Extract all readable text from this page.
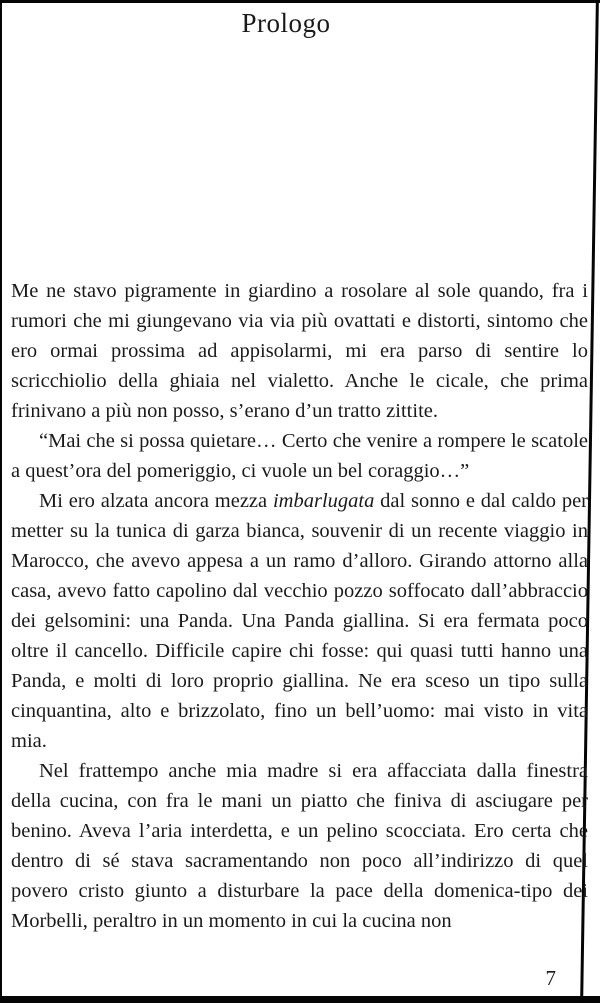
Prologo

Me ne stavo pigramente in giardino a rosolare al sole quando, fra i rumori che mi giungevano via via più ovattati e distorti, sintomo che ero ormai prossima ad appisolarmi, mi era parso di sentire lo scricchiolio della ghiaia nel vialetto. Anche le cicale, che prima frinivano a più non posso, s’erano d’un tratto zittite.

“Mai che si possa quietare… Certo che venire a rompere le scatole a quest’ora del pomeriggio, ci vuole un bel coraggio…”

Mi ero alzata ancora mezza imbarlugata dal sonno e dal caldo per metter su la tunica di garza bianca, souvenir di un recente viaggio in Marocco, che avevo appesa a un ramo d’alloro. Girando attorno alla casa, avevo fatto capolino dal vecchio pozzo soffocato dall’abbraccio dei gelsomini: una Panda. Una Panda giallina. Si era fermata poco oltre il cancello. Difficile capire chi fosse: qui quasi tutti hanno una Panda, e molti di loro proprio giallina. Ne era sceso un tipo sulla cinquantina, alto e brizzolato, fino un bell’uomo: mai visto in vita mia.

Nel frattempo anche mia madre si era affacciata dalla finestra della cucina, con fra le mani un piatto che finiva di asciugare per benino. Aveva l’aria interdetta, e un pelino scocciata. Ero certa che dentro di sé stava sacramentando non poco all’indirizzo di quel povero cristo giunto a disturbare la pace della domenica-tipo dei Morbelli, peraltro in un momento in cui la cucina non

7
